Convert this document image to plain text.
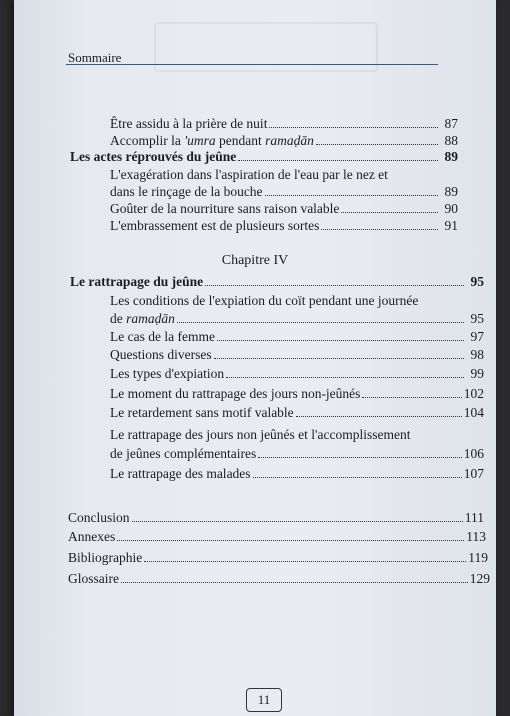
Sommaire
Être assidu à la prière de nuit	87
Accomplir la 'umra pendant ramaḍān	88
Les actes réprouvés du jeûne	89
L'exagération dans l'aspiration de l'eau par le nez et
dans le rinçage de la bouche	89
Goûter de la nourriture sans raison valable	90
L'embrassement est de plusieurs sortes	91
Chapitre IV
Le rattrapage du jeûne	95
Les conditions de l'expiation du coït pendant une journée
de ramaḍān	95
Le cas de la femme	97
Questions diverses	98
Les types d'expiation	99
Le moment du rattrapage des jours non-jeûnés	102
Le retardement sans motif valable	104
Le rattrapage des jours non jeûnés et l'accomplissement
de jeûnes complémentaires	106
Le rattrapage des malades	107
Conclusion	111
Annexes	113
Bibliographie	119
Glossaire	129
11
